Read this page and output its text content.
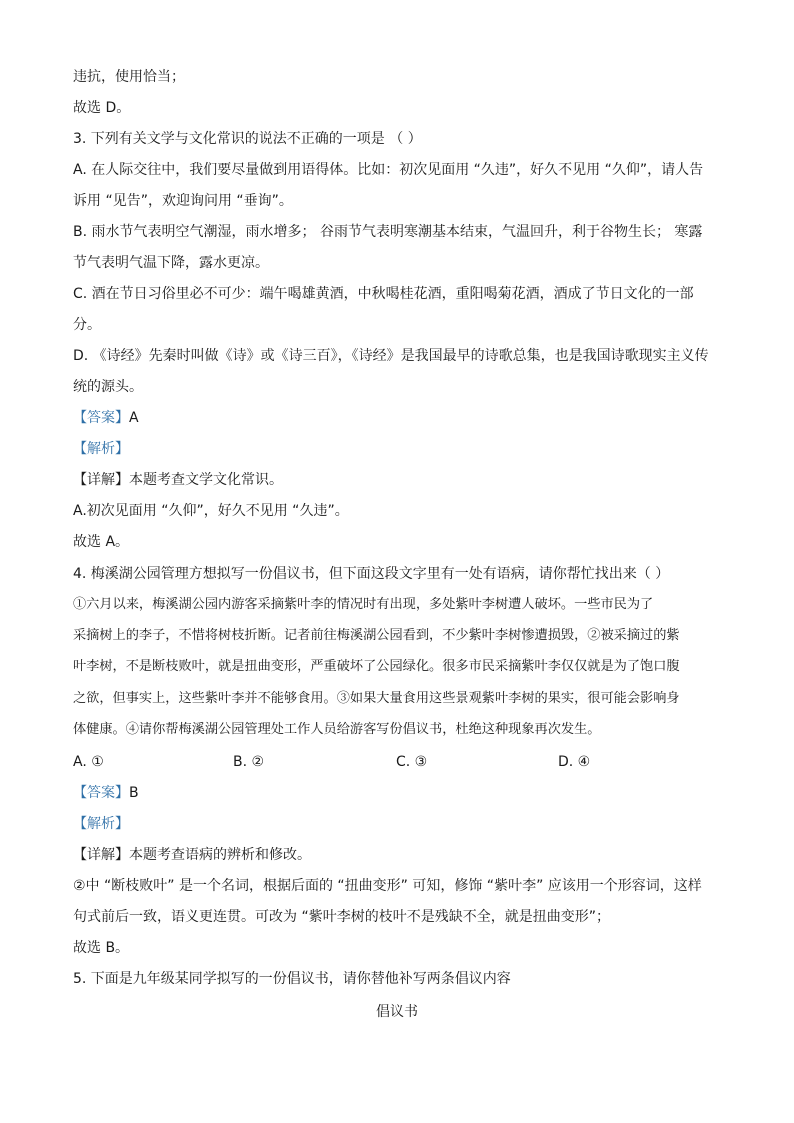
违抗，使用恰当；
故选 D。
3. 下列有关文学与文化常识的说法不正确的一项是 （ ）
A. 在人际交往中，我们要尽量做到用语得体。比如：初次见面用 “久违”，好久不见用 “久仰”，请人告
诉用 “见告”，欢迎询问用 “垂询”。
B. 雨水节气表明空气潮湿，雨水增多； 谷雨节气表明寒潮基本结束，气温回升，利于谷物生长； 寒露
节气表明气温下降，露水更凉。
C. 酒在节日习俗里必不可少：端午喝雄黄酒，中秋喝桂花酒，重阳喝菊花酒，酒成了节日文化的一部
分。
D. 《诗经》先秦时叫做《诗》或《诗三百》，《诗经》是我国最早的诗歌总集，也是我国诗歌现实主义传
统的源头。
【答案】A
【解析】
【详解】本题考查文学文化常识。
A.初次见面用 “久仰”，好久不见用 “久违”。
故选 A。
4. 梅溪湖公园管理方想拟写一份倡议书，但下面这段文字里有一处有语病，请你帮忙找出来（ ）
①六月以来，梅溪湖公园内游客采摘紫叶李的情况时有出现，多处紫叶李树遭人破坏。一些市民为了
采摘树上的李子，不惜将树枝折断。记者前往梅溪湖公园看到，不少紫叶李树惨遭损毁，②被采摘过的紫
叶李树，不是断枝败叶，就是扭曲变形，严重破坏了公园绿化。很多市民采摘紫叶李仅仅就是为了饱口腹
之欲，但事实上，这些紫叶李并不能够食用。③如果大量食用这些景观紫叶李树的果实，很可能会影响身
体健康。④请你帮梅溪湖公园管理处工作人员给游客写份倡议书，杜绝这种现象再次发生。
A. ①	B. ②	C. ③	D. ④
【答案】B
【解析】
【详解】本题考查语病的辨析和修改。
②中 “断枝败叶” 是一个名词，根据后面的 “扭曲变形” 可知，修饰 “紫叶李” 应该用一个形容词，这样
句式前后一致，语义更连贯。可改为 “紫叶李树的枝叶不是残缺不全，就是扭曲变形”；
故选 B。
5. 下面是九年级某同学拟写的一份倡议书，请你替他补写两条倡议内容
倡议书
